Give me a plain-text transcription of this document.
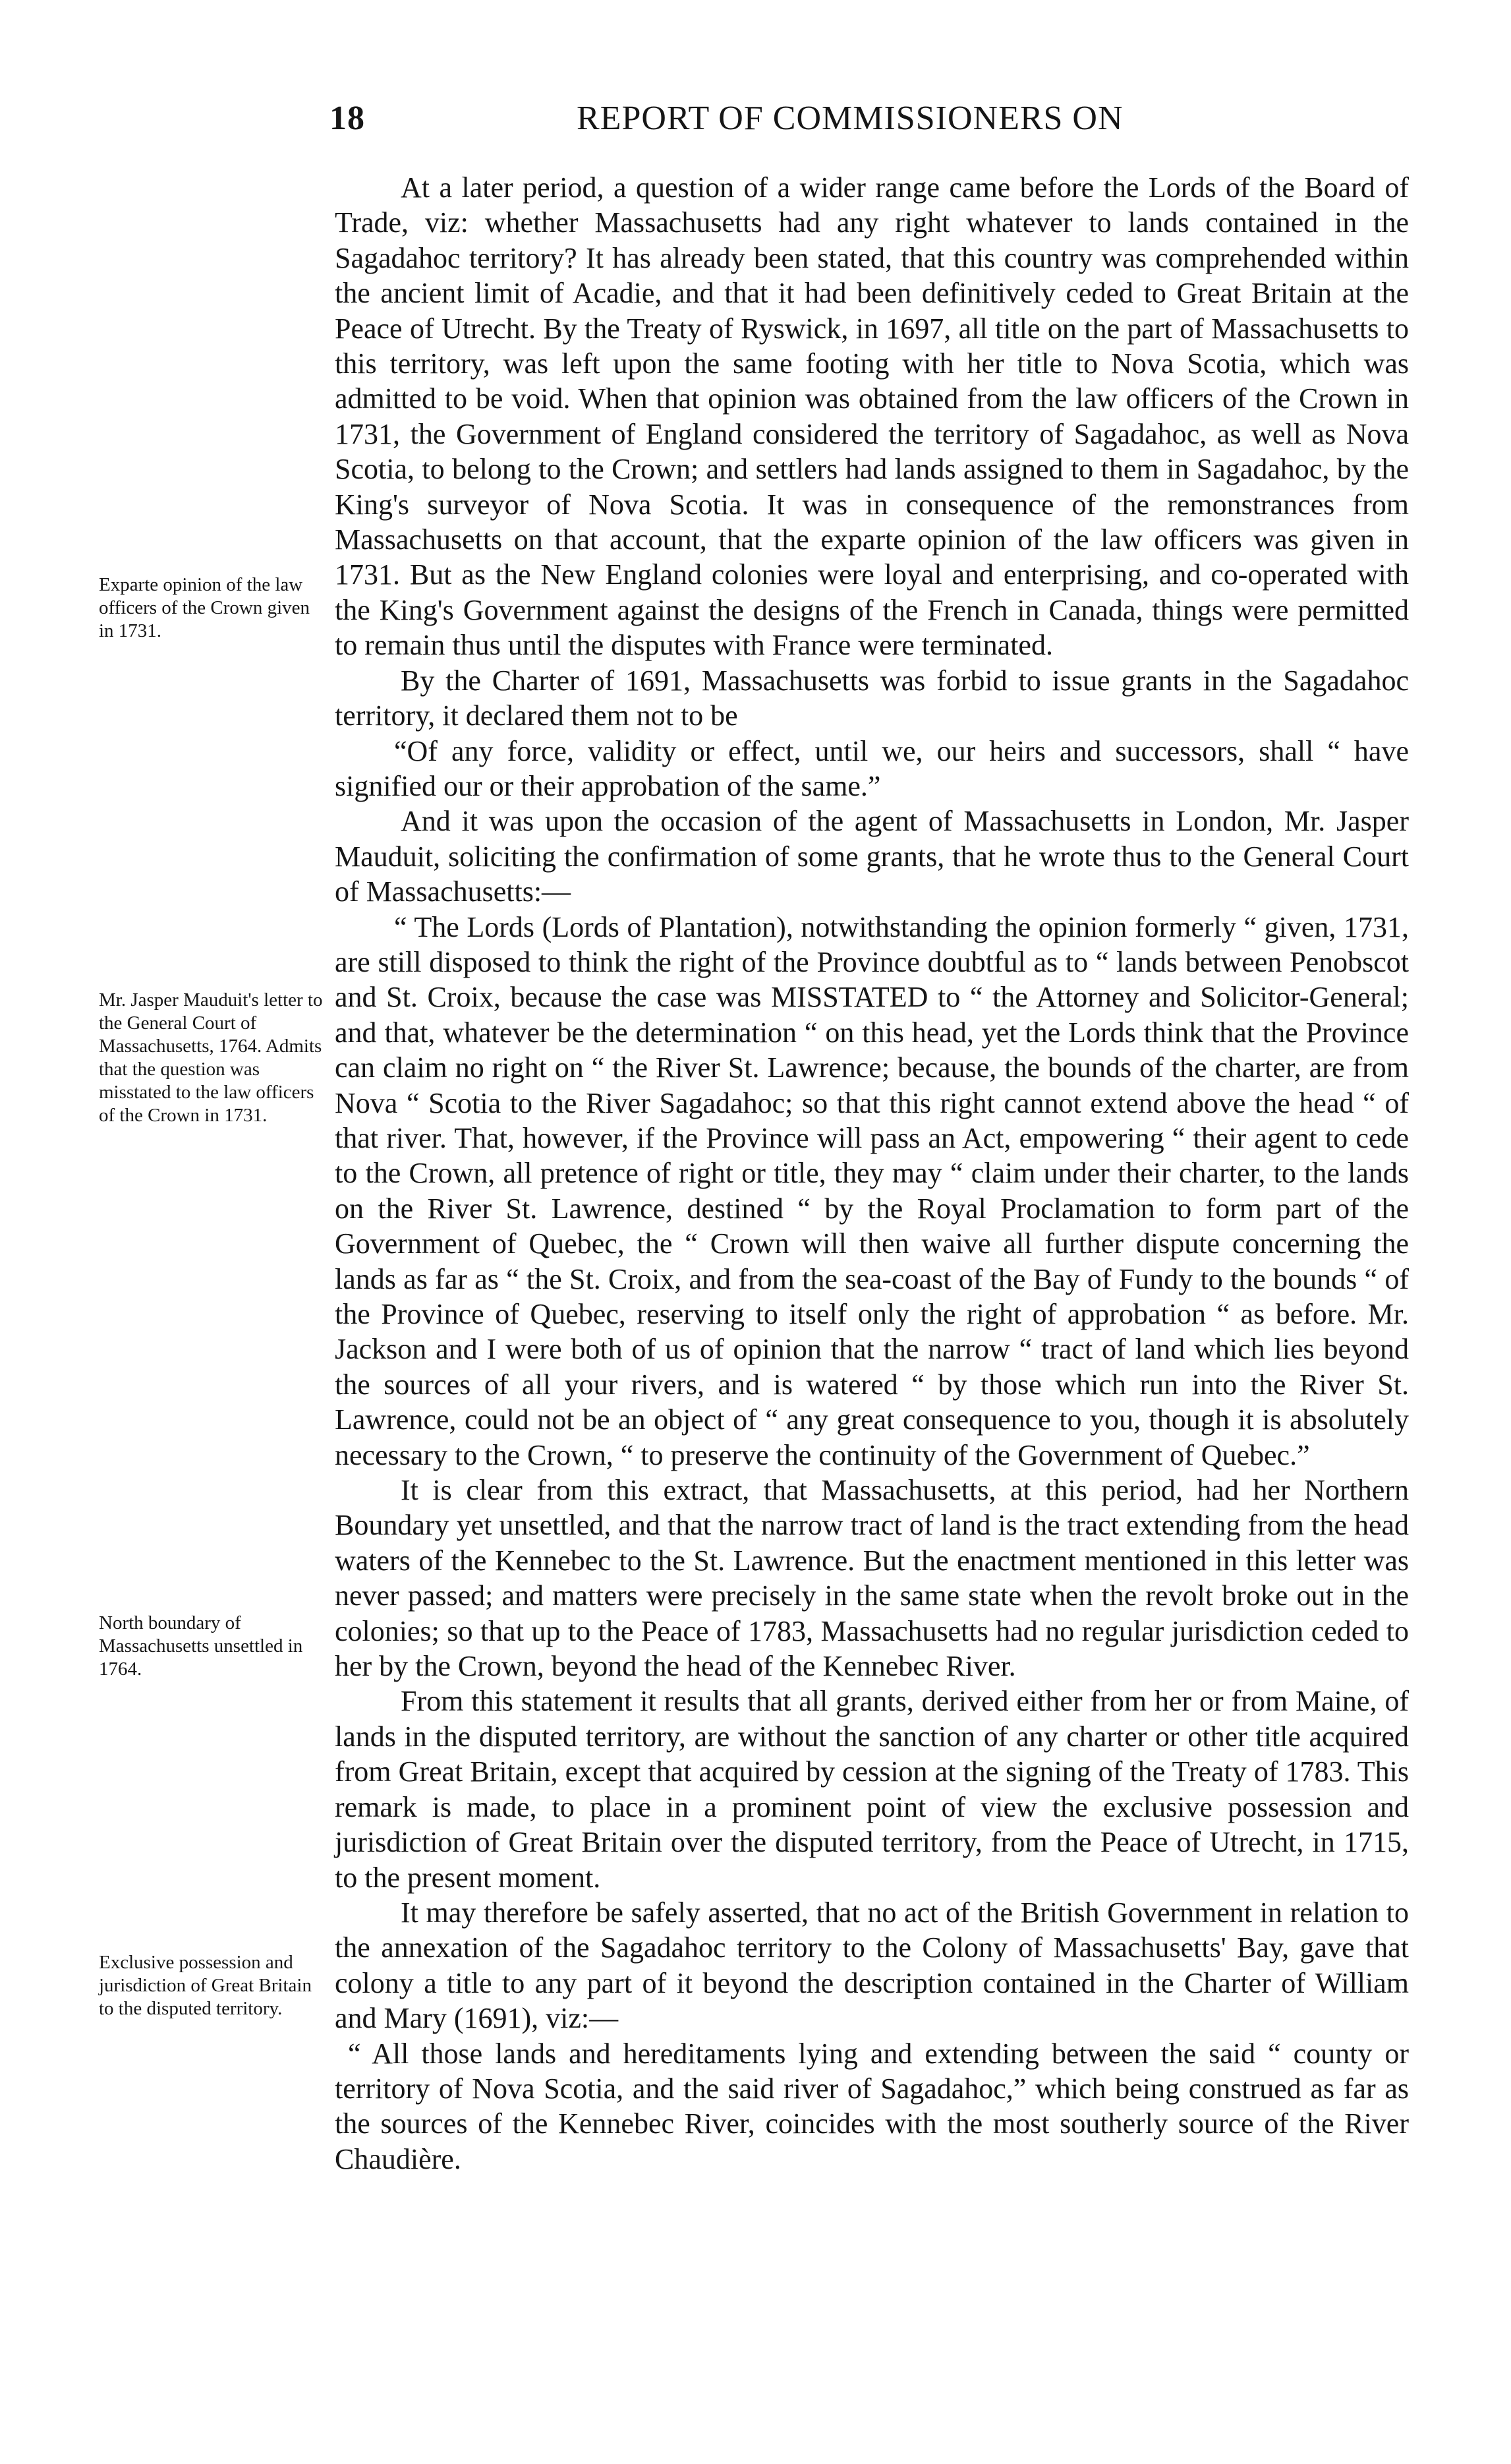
18	REPORT OF COMMISSIONERS ON
Exparte opinion of the law officers of the Crown given in 1731.
Mr. Jasper Mauduit's letter to the General Court of Massachusetts, 1764. Admits that the question was misstated to the law officers of the Crown in 1731.
North boundary of Massachusetts unsettled in 1764.
Exclusive possession and jurisdiction of Great Britain to the disputed territory.

At a later period, a question of a wider range came before the Lords of the Board of Trade, viz: whether Massachusetts had any right whatever to lands contained in the Sagadahoc territory? It has already been stated, that this country was comprehended within the ancient limit of Acadie, and that it had been definitively ceded to Great Britain at the Peace of Utrecht. By the Treaty of Ryswick, in 1697, all title on the part of Massachusetts to this territory, was left upon the same footing with her title to Nova Scotia, which was admitted to be void. When that opinion was obtained from the law officers of the Crown in 1731, the Government of England considered the territory of Sagadahoc, as well as Nova Scotia, to belong to the Crown; and settlers had lands assigned to them in Sagadahoc, by the King's surveyor of Nova Scotia. It was in consequence of the remonstrances from Massachusetts on that account, that the exparte opinion of the law officers was given in 1731. But as the New England colonies were loyal and enterprising, and co-operated with the King's Government against the designs of the French in Canada, things were permitted to remain thus until the disputes with France were terminated.

By the Charter of 1691, Massachusetts was forbid to issue grants in the Sagadahoc territory, it declared them not to be

“Of any force, validity or effect, until we, our heirs and successors, shall “ have signified our or their approbation of the same.”

And it was upon the occasion of the agent of Massachusetts in London, Mr. Jasper Mauduit, soliciting the confirmation of some grants, that he wrote thus to the General Court of Massachusetts:—

“ The Lords (Lords of Plantation), notwithstanding the opinion formerly “ given, 1731, are still disposed to think the right of the Province doubtful as to “ lands between Penobscot and St. Croix, because the case was MISSTATED to “ the Attorney and Solicitor-General; and that, whatever be the determination “ on this head, yet the Lords think that the Province can claim no right on “ the River St. Lawrence; because, the bounds of the charter, are from Nova “ Scotia to the River Sagadahoc; so that this right cannot extend above the head “ of that river. That, however, if the Province will pass an Act, empowering “ their agent to cede to the Crown, all pretence of right or title, they may “ claim under their charter, to the lands on the River St. Lawrence, destined “ by the Royal Proclamation to form part of the Government of Quebec, the “ Crown will then waive all further dispute concerning the lands as far as “ the St. Croix, and from the sea-coast of the Bay of Fundy to the bounds “ of the Province of Quebec, reserving to itself only the right of approbation “ as before. Mr. Jackson and I were both of us of opinion that the narrow “ tract of land which lies beyond the sources of all your rivers, and is watered “ by those which run into the River St. Lawrence, could not be an object of “ any great consequence to you, though it is absolutely necessary to the Crown, “ to preserve the continuity of the Government of Quebec.”

It is clear from this extract, that Massachusetts, at this period, had her Northern Boundary yet unsettled, and that the narrow tract of land is the tract extending from the head waters of the Kennebec to the St. Lawrence. But the enactment mentioned in this letter was never passed; and matters were precisely in the same state when the revolt broke out in the colonies; so that up to the Peace of 1783, Massachusetts had no regular jurisdiction ceded to her by the Crown, beyond the head of the Kennebec River.

From this statement it results that all grants, derived either from her or from Maine, of lands in the disputed territory, are without the sanction of any charter or other title acquired from Great Britain, except that acquired by cession at the signing of the Treaty of 1783. This remark is made, to place in a prominent point of view the exclusive possession and jurisdiction of Great Britain over the disputed territory, from the Peace of Utrecht, in 1715, to the present moment.

It may therefore be safely asserted, that no act of the British Government in relation to the annexation of the Sagadahoc territory to the Colony of Massachusetts' Bay, gave that colony a title to any part of it beyond the description contained in the Charter of William and Mary (1691), viz:—

“ All those lands and hereditaments lying and extending between the said “ county or territory of Nova Scotia, and the said river of Sagadahoc,” which being construed as far as the sources of the Kennebec River, coincides with the most southerly source of the River Chaudière.
